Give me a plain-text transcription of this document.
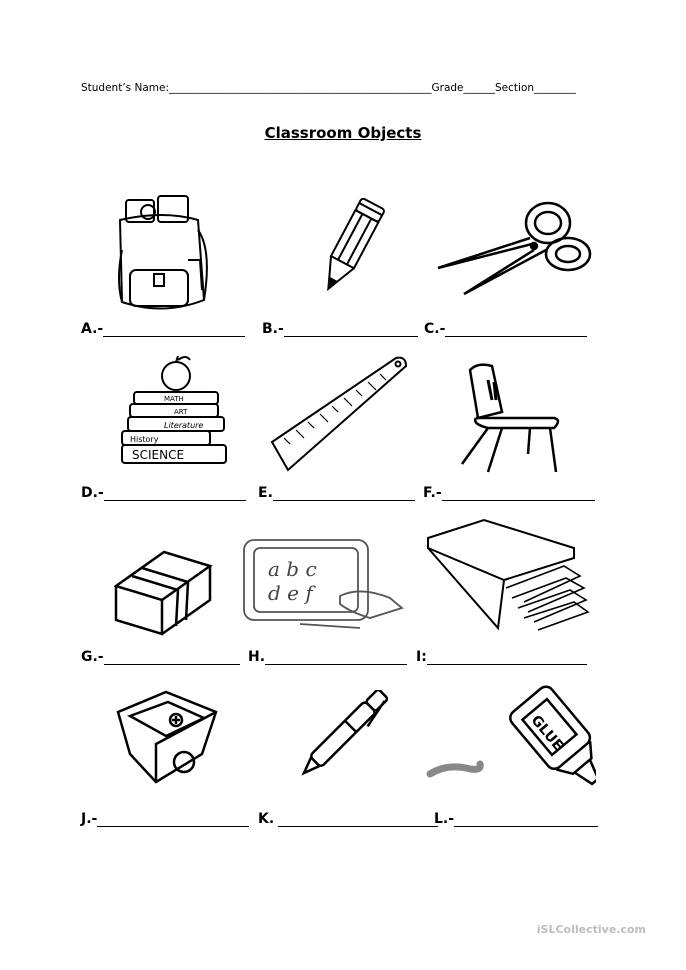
Student’s Name:__________________________________________________Grade______Section________
Classroom Objects
A.-	B.-	C.-
MATH
ART
Literature
History
SCIENCE
D.-	E.	F.-
G.-
a b c
d e f
H.	I:
J.-	K.
GLUE
L.-
iSLCollective.com
